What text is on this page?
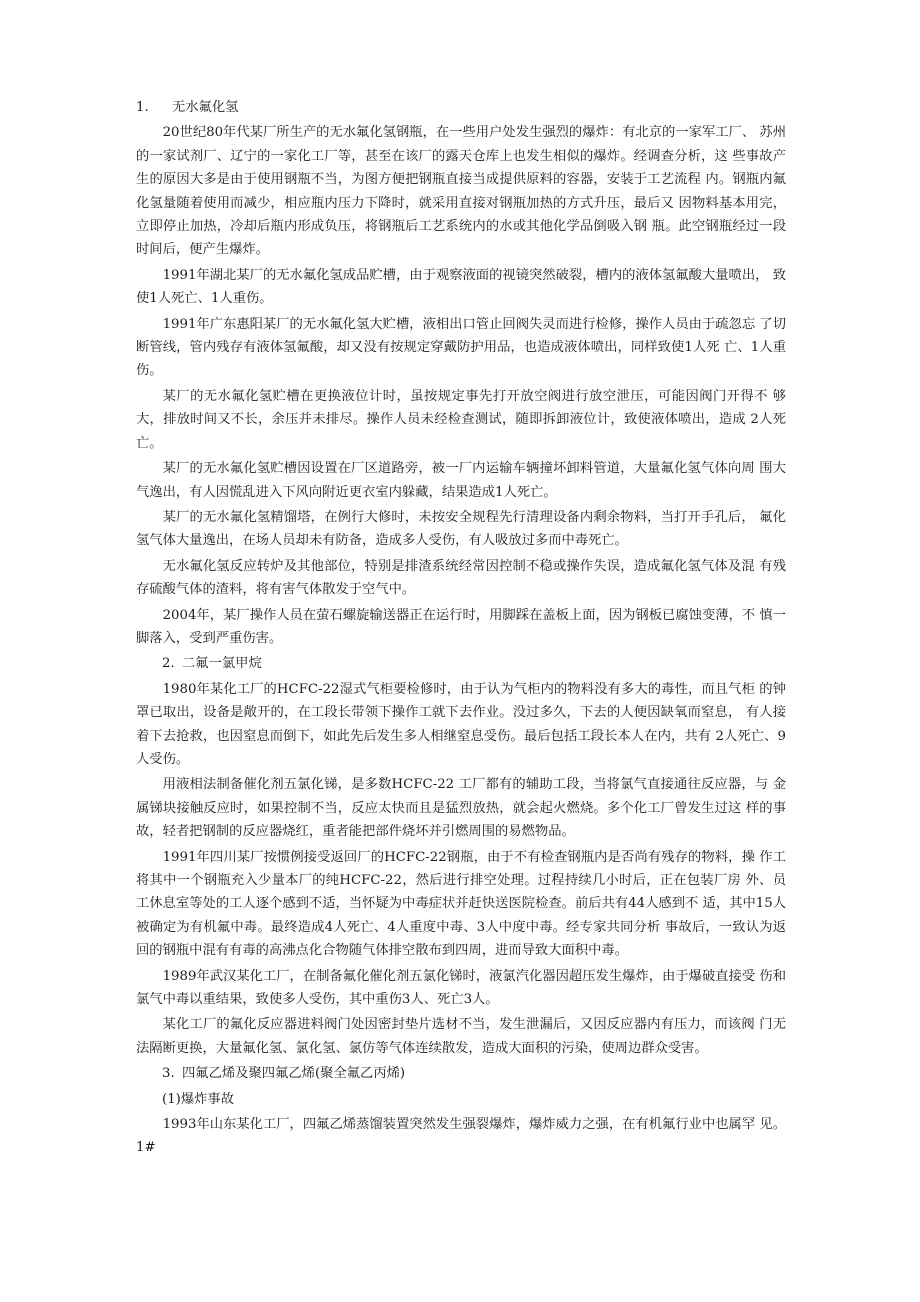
1. 无水氟化氢

20世纪80年代某厂所生产的无水氟化氢钢瓶，在一些用户处发生强烈的爆炸：有北京的一家军工厂、 苏州的一家试剂厂、辽宁的一家化工厂等，甚至在该厂的露天仓库上也发生相似的爆炸。经调查分析，这 些事故产生的原因大多是由于使用钢瓶不当，为图方便把钢瓶直接当成提供原料的容器，安装于工艺流程 内。钢瓶内氟化氢量随着使用而减少，相应瓶内压力下降时，就采用直接对钢瓶加热的方式升压，最后又 因物料基本用完，立即停止加热，冷却后瓶内形成负压，将钢瓶后工艺系统内的水或其他化学品倒吸入钢 瓶。此空钢瓶经过一段时间后，便产生爆炸。

1991年湖北某厂的无水氟化氢成品贮槽，由于观察液面的视镜突然破裂，槽内的液体氢氟酸大量喷出， 致使1人死亡、1人重伤。

1991年广东惠阳某厂的无水氟化氢大贮槽，液相出口管止回阀失灵而进行检修，操作人员由于疏忽忘 了切断管线，管内残存有液体氢氟酸，却又没有按规定穿戴防护用品，也造成液体喷出，同样致使1人死 亡、1人重伤。

某厂的无水氟化氢贮槽在更换液位计时，虽按规定事先打开放空阀进行放空泄压，可能因阀门开得不 够大，排放时间又不长，余压并未排尽。操作人员未经检查测试，随即拆卸液位计，致使液体喷出，造成 2人死亡。

某厂的无水氟化氢贮槽因设置在厂区道路旁，被一厂内运输车辆撞坏卸料管道，大量氟化氢气体向周 围大气逸出，有人因慌乱进入下风向附近更衣室内躲藏，结果造成1人死亡。

某厂的无水氟化氢精馏塔，在例行大修时，未按安全规程先行清理设备内剩余物料，当打开手孔后， 氟化氢气体大量逸出，在场人员却未有防备，造成多人受伤，有人吸放过多而中毒死亡。

无水氟化氢反应转炉及其他部位，特别是排渣系统经常因控制不稳或操作失误，造成氟化氢气体及混 有残存硫酸气体的渣料，将有害气体散发于空气中。

2004年，某厂操作人员在萤石螺旋输送器正在运行时，用脚踩在盖板上面，因为钢板已腐蚀变薄，不 慎一脚落入，受到严重伤害。

2. 二氟一氯甲烷

1980年某化工厂的HCFC-22湿式气柜要检修时，由于认为气柜内的物料没有多大的毒性，而且气柜 的钟罩已取出，设备是敞开的，在工段长带领下操作工就下去作业。没过多久，下去的人便因缺氧而窒息， 有人接着下去抢救，也因窒息而倒下，如此先后发生多人相继窒息受伤。最后包括工段长本人在内，共有 2人死亡、9人受伤。

用液相法制备催化剂五氯化锑，是多数HCFC-22 工厂都有的辅助工段，当将氯气直接通往反应器，与 金属锑块接触反应时，如果控制不当，反应太快而且是猛烈放热，就会起火燃烧。多个化工厂曾发生过这 样的事故，轻者把钢制的反应器烧红，重者能把部件烧坏并引燃周围的易燃物品。

1991年四川某厂按惯例接受返回厂的HCFC-22钢瓶，由于不有检查钢瓶内是否尚有残存的物料，操 作工将其中一个钢瓶充入少量本厂的纯HCFC-22，然后进行排空处理。过程持续几小时后，正在包装厂房 外、员工休息室等处的工人逐个感到不适，当怀疑为中毒症状并赶快送医院检查。前后共有44人感到不 适，其中15人被确定为有机氟中毒。最终造成4人死亡、4人重度中毒、3人中度中毒。经专家共同分析 事故后，一致认为返回的钢瓶中混有有毒的高沸点化合物随气体排空散布到四周，进而导致大面积中毒。

1989年武汉某化工厂，在制备氟化催化剂五氯化锑时，液氯汽化器因超压发生爆炸，由于爆破直接受 伤和氯气中毒以重结果，致使多人受伤，其中重伤3人、死亡3人。

某化工厂的氟化反应器进料阀门处因密封垫片选材不当，发生泄漏后，又因反应器内有压力，而该阀 门无法隔断更换，大量氟化氢、氯化氢、氯仿等气体连续散发，造成大面积的污染，使周边群众受害。

3. 四氟乙烯及聚四氟乙烯(聚全氟乙丙烯)

(1)爆炸事故

1993年山东某化工厂，四氟乙烯蒸馏装置突然发生强裂爆炸，爆炸威力之强，在有机氟行业中也属罕 见。1#
